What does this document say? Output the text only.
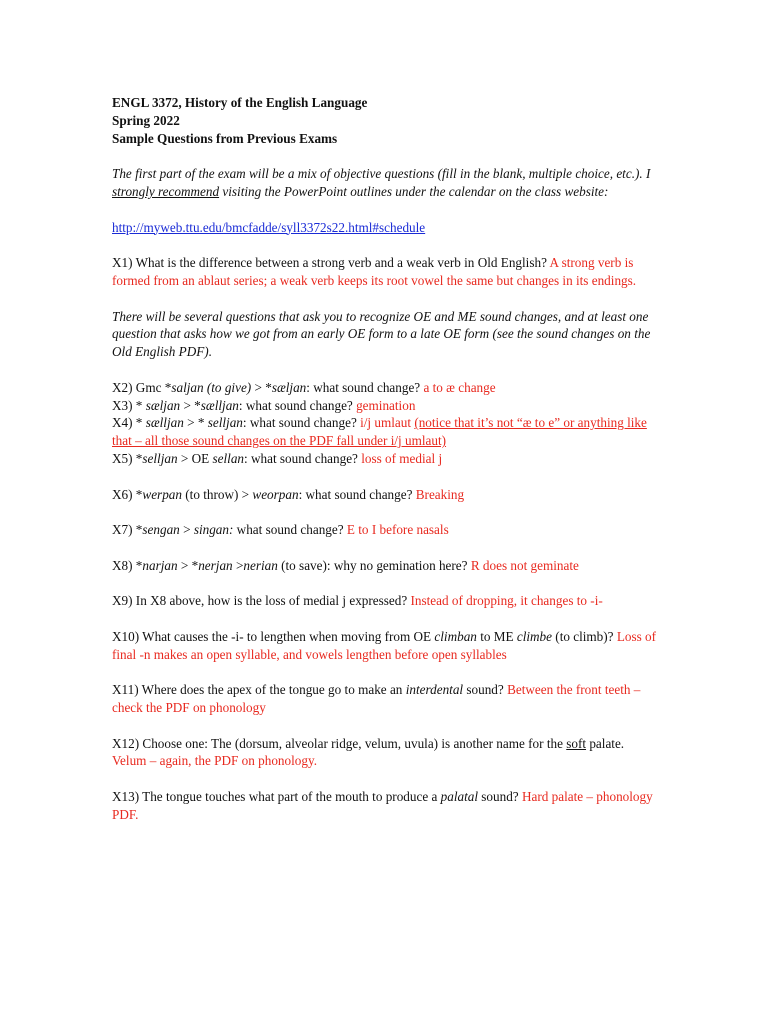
ENGL 3372, History of the English Language

Spring 2022

Sample Questions from Previous Exams

The first part of the exam will be a mix of objective questions (fill in the blank, multiple choice, etc.). I strongly recommend visiting the PowerPoint outlines under the calendar on the class website:

http://myweb.ttu.edu/bmcfadde/syll3372s22.html#schedule

X1) What is the difference between a strong verb and a weak verb in Old English? A strong verb is formed from an ablaut series; a weak verb keeps its root vowel the same but changes in its endings.

There will be several questions that ask you to recognize OE and ME sound changes, and at least one question that asks how we got from an early OE form to a late OE form (see the sound changes on the Old English PDF).

X2) Gmc *saljan (to give) > *sæljan: what sound change? a to æ change

X3) * sæljan > *sælljan: what sound change? gemination

X4) * sælljan > * selljan: what sound change? i/j umlaut (notice that it’s not “æ to e” or anything like that – all those sound changes on the PDF fall under i/j umlaut)

X5) *selljan > OE sellan: what sound change? loss of medial j

X6) *werpan (to throw) > weorpan: what sound change? Breaking

X7) *sengan > singan: what sound change? E to I before nasals

X8) *narjan > *nerjan >nerian (to save): why no gemination here? R does not geminate

X9) In X8 above, how is the loss of medial j expressed? Instead of dropping, it changes to -i-

X10) What causes the -i- to lengthen when moving from OE climban to ME climbe (to climb)? Loss of final -n makes an open syllable, and vowels lengthen before open syllables

X11) Where does the apex of the tongue go to make an interdental sound? Between the front teeth – check the PDF on phonology

X12) Choose one: The (dorsum, alveolar ridge, velum, uvula) is another name for the soft palate. Velum – again, the PDF on phonology.

X13) The tongue touches what part of the mouth to produce a palatal sound? Hard palate – phonology PDF.
